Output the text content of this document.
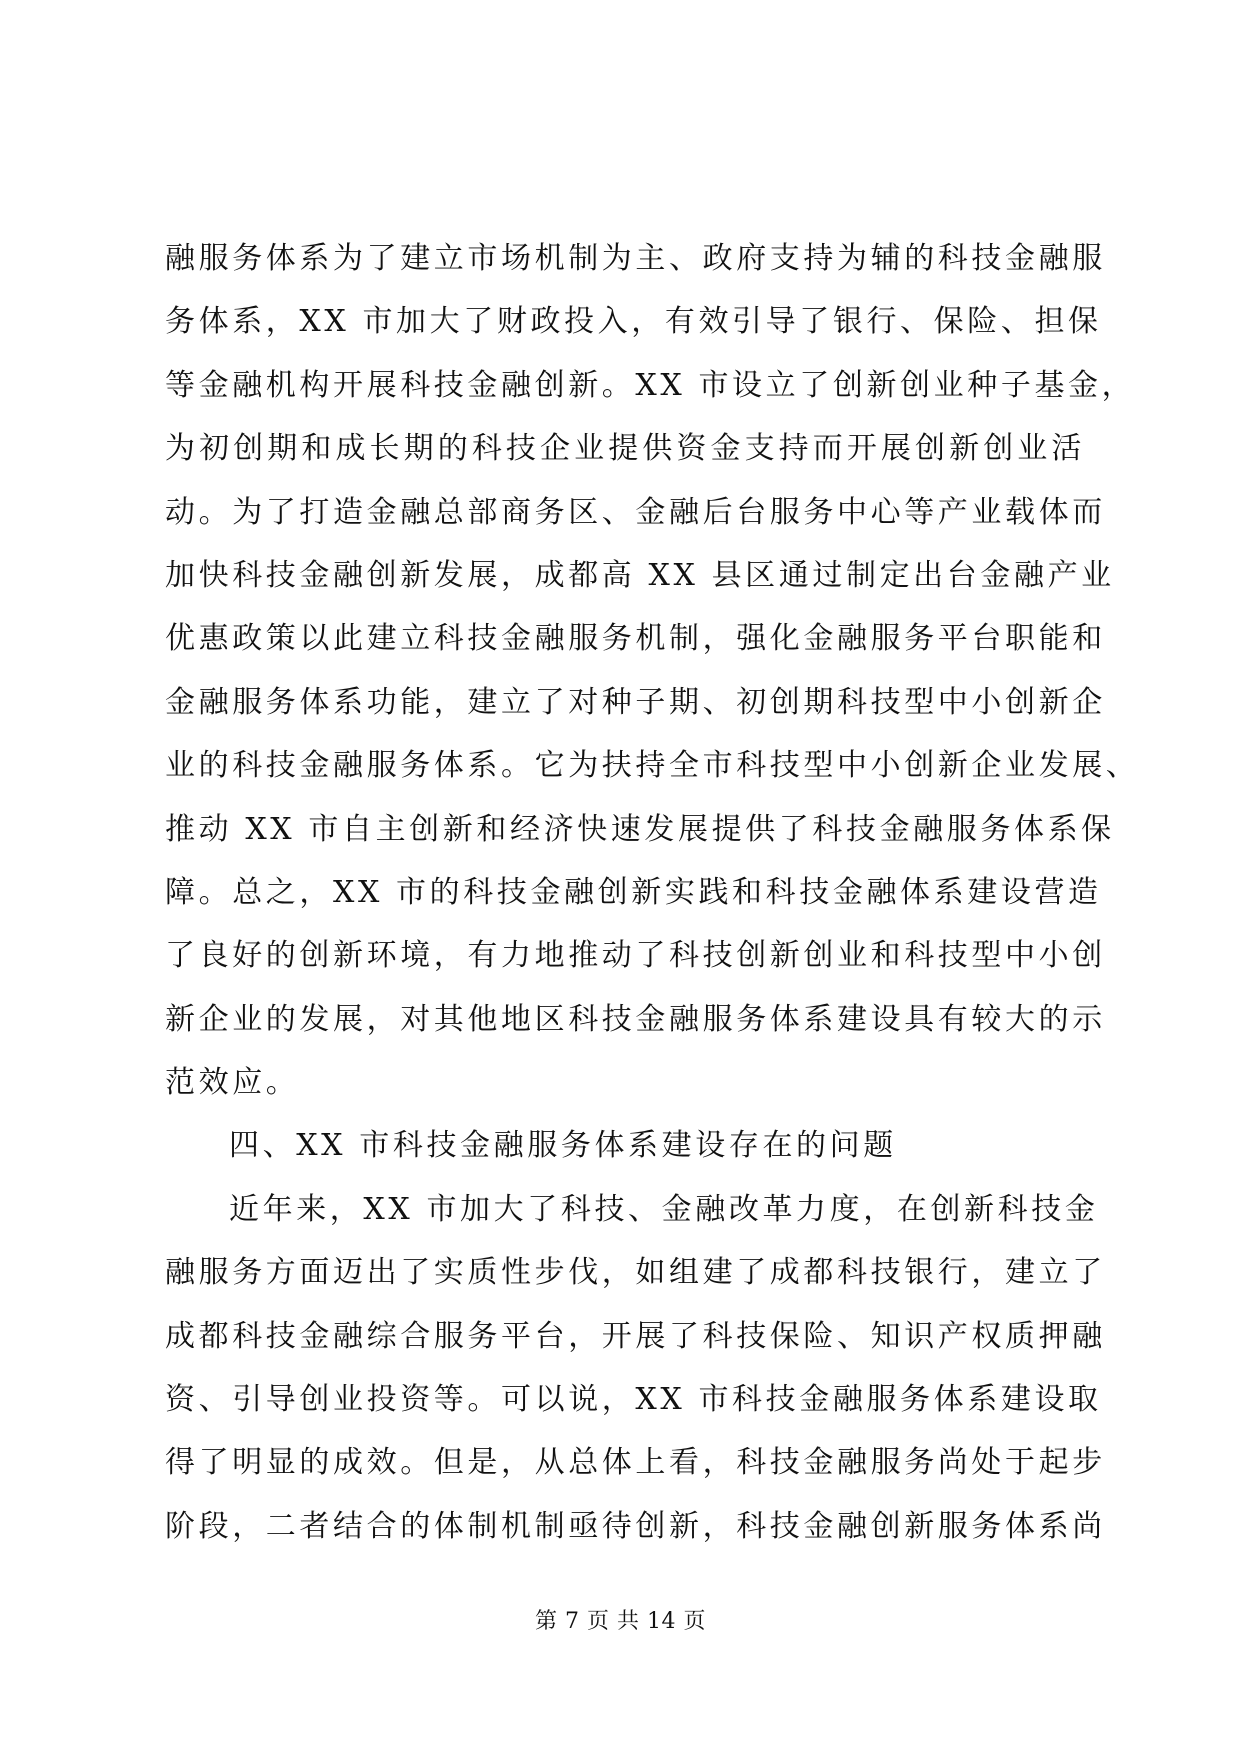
融服务体系为了建立市场机制为主、政府支持为辅的科技金融服
务体系，XX 市加大了财政投入，有效引导了银行、保险、担保
等金融机构开展科技金融创新。XX 市设立了创新创业种子基金，
为初创期和成长期的科技企业提供资金支持而开展创新创业活
动。为了打造金融总部商务区、金融后台服务中心等产业载体而
加快科技金融创新发展，成都高 XX 县区通过制定出台金融产业
优惠政策以此建立科技金融服务机制，强化金融服务平台职能和
金融服务体系功能，建立了对种子期、初创期科技型中小创新企
业的科技金融服务体系。它为扶持全市科技型中小创新企业发展、
推动 XX 市自主创新和经济快速发展提供了科技金融服务体系保
障。总之，XX 市的科技金融创新实践和科技金融体系建设营造
了良好的创新环境，有力地推动了科技创新创业和科技型中小创
新企业的发展，对其他地区科技金融服务体系建设具有较大的示
范效应。
四、XX 市科技金融服务体系建设存在的问题
近年来，XX 市加大了科技、金融改革力度，在创新科技金
融服务方面迈出了实质性步伐，如组建了成都科技银行，建立了
成都科技金融综合服务平台，开展了科技保险、知识产权质押融
资、引导创业投资等。可以说，XX 市科技金融服务体系建设取
得了明显的成效。但是，从总体上看，科技金融服务尚处于起步
阶段，二者结合的体制机制亟待创新，科技金融创新服务体系尚
第 7 页 共 14 页
